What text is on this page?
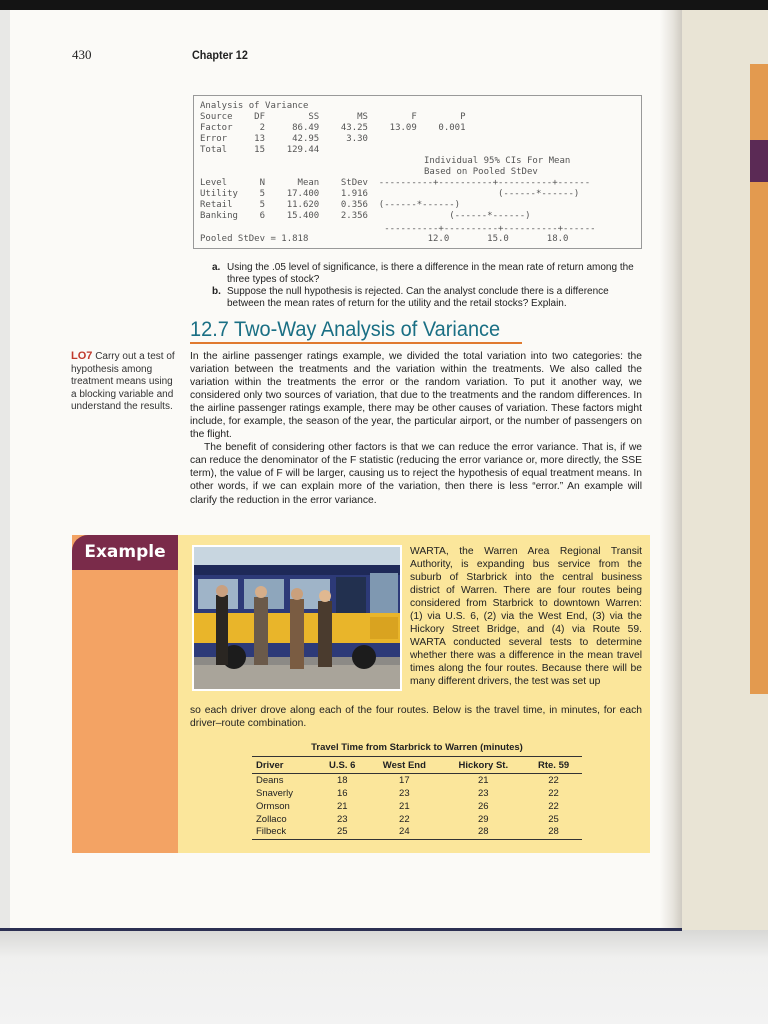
430	Chapter 12
Analysis of Variance
Source    DF        SS       MS        F        P
Factor     2     86.49    43.25    13.09    0.001
Error     13     42.95     3.30
Total     15    129.44
Individual 95% CIs For Mean
Based on Pooled StDev
Level      N      Mean    StDev  ----------+----------+----------+------
Utility    5    17.400    1.916                        (------*------)
Retail     5    11.620    0.356  (------*------)
Banking    6    15.400    2.356               (------*------)
----------+----------+----------+------
Pooled StDev = 1.818                      12.0       15.0       18.0
a. Using the .05 level of significance, is there a difference in the mean rate of return among the three types of stock?
b. Suppose the null hypothesis is rejected. Can the analyst conclude there is a difference between the mean rates of return for the utility and the retail stocks? Explain.
12.7 Two-Way Analysis of Variance
LO7 Carry out a test of hypothesis among treatment means using a blocking variable and understand the results.

In the airline passenger ratings example, we divided the total variation into two categories: the variation between the treatments and the variation within the treatments. We also called the variation within the treatments the error or the random variation. To put it another way, we considered only two sources of variation, that due to the treatments and the random differences. In the airline passenger ratings example, there may be other causes of variation. These factors might include, for example, the season of the year, the particular airport, or the number of passengers on the flight.

The benefit of considering other factors is that we can reduce the error variance. That is, if we can reduce the denominator of the F statistic (reducing the error variance or, more directly, the SSE term), the value of F will be larger, causing us to reject the hypothesis of equal treatment means. In other words, if we can explain more of the variation, then there is less “error.” An example will clarify the reduction in the error variance.

Example	WARTA, the Warren Area Regional Transit Authority, is expanding bus service from the suburb of Starbrick into the central business district of Warren. There are four routes being considered from Starbrick to downtown Warren: (1) via U.S. 6, (2) via the West End, (3) via the Hickory Street Bridge, and (4) via Route 59. WARTA conducted several tests to determine whether there was a difference in the mean travel times along the four routes. Because there will be many different drivers, the test was set up
so each driver drove along each of the four routes. Below is the travel time, in minutes, for each driver–route combination.
Travel Time from Starbrick to Warren (minutes)				
Driver	U.S. 6	West End	Hickory St.	Rte. 59
Deans	18	17	21	22
Snaverly	16	23	23	22
Ormson	21	21	26	22
Zollaco	23	22	29	25
Filbeck	25	24	28	28
